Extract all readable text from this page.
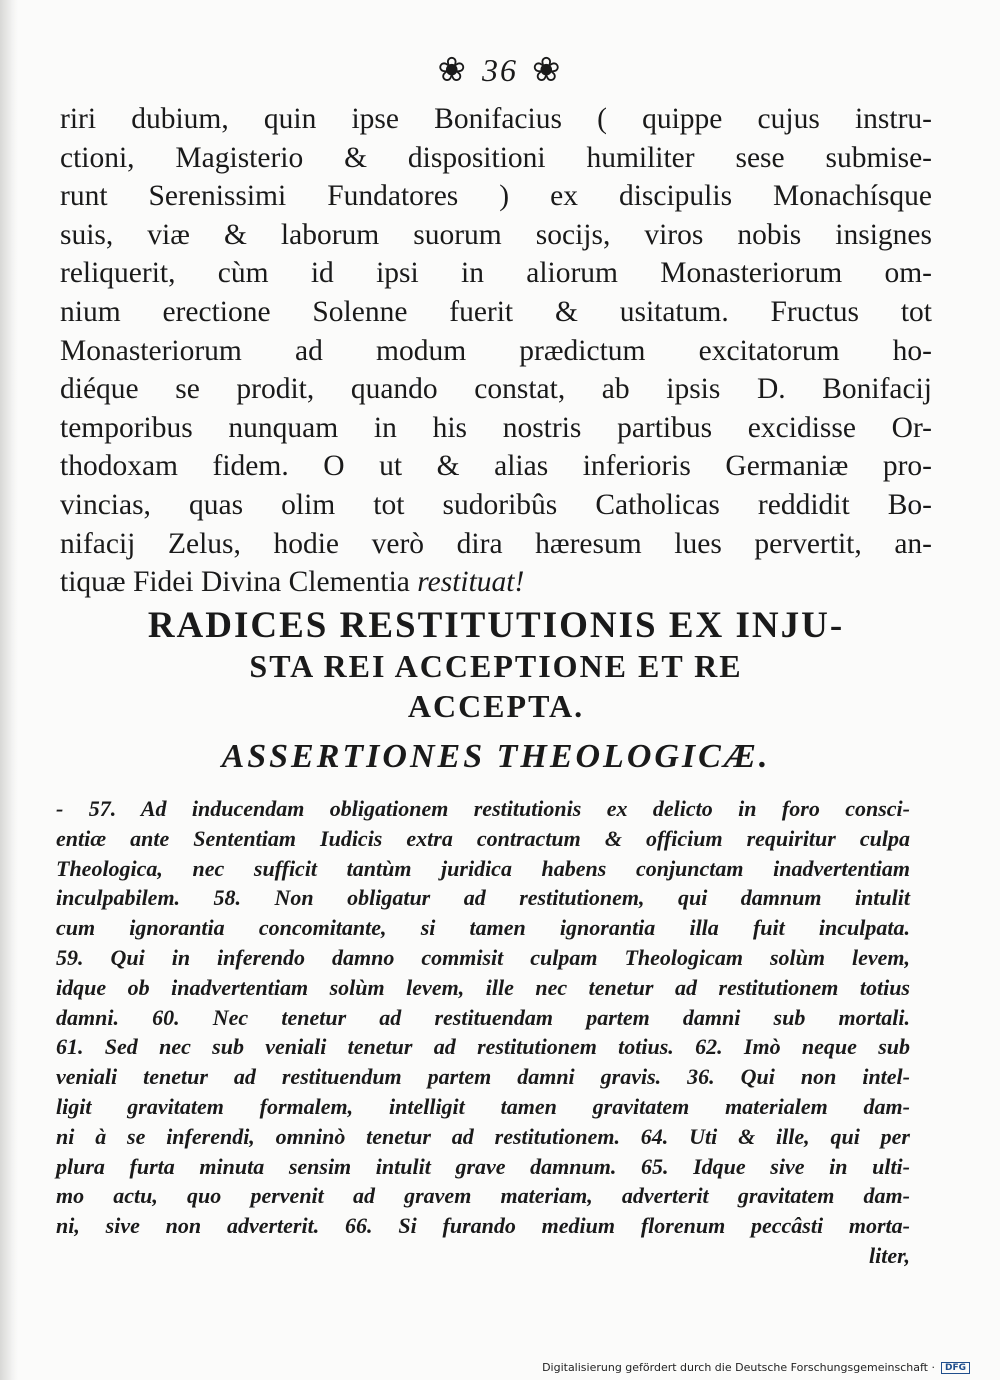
❀ 36 ❀

riri dubium, quin ipse Bonifacius ( quippe cujus instru-

ctioni, Magisterio & dispositioni humiliter sese submise-

runt Serenissimi Fundatores ) ex discipulis Monachísque

suis, viæ & laborum suorum socijs, viros nobis insignes

reliquerit, cùm id ipsi in aliorum Monasteriorum om-

nium erectione Solenne fuerit & usitatum. Fructus tot

Monasteriorum ad modum prædictum excitatorum ho-

diéque se prodit, quando constat, ab ipsis D. Bonifacij

temporibus nunquam in his nostris partibus excidisse Or-

thodoxam fidem. O ut & alias inferioris Germaniæ pro-

vincias, quas olim tot sudoribûs Catholicas reddidit Bo-

nifacij Zelus, hodie verò dira hæresum lues pervertit, an-

tiquæ Fidei Divina Clementia restituat!

RADICES RESTITUTIONIS EX INJU-
STA REI ACCEPTIONE ET RE
ACCEPTA.
ASSERTIONES THEOLOGICÆ.

- 57. Ad inducendam obligationem restitutionis ex delicto in foro consci-

entiæ ante Sententiam Iudicis extra contractum & officium requiritur culpa

Theologica, nec sufficit tantùm juridica habens conjunctam inadvertentiam

inculpabilem. 58. Non obligatur ad restitutionem, qui damnum intulit

cum ignorantia concomitante, si tamen ignorantia illa fuit inculpata.

59. Qui in inferendo damno commisit culpam Theologicam solùm levem,

idque ob inadvertentiam solùm levem, ille nec tenetur ad restitutionem totius

damni. 60. Nec tenetur ad restituendam partem damni sub mortali.

61. Sed nec sub veniali tenetur ad restitutionem totius. 62. Imò neque sub

veniali tenetur ad restituendum partem damni gravis. 36. Qui non intel-

ligit gravitatem formalem, intelligit tamen gravitatem materialem dam-

ni à se inferendi, omninò tenetur ad restitutionem. 64. Uti & ille, qui per

plura furta minuta sensim intulit grave damnum. 65. Idque sive in ulti-

mo actu, quo pervenit ad gravem materiam, adverterit gravitatem dam-

ni, sive non adverterit. 66. Si furando medium florenum peccâsti morta-

liter,

Digitalisierung gefördert durch die Deutsche Forschungsgemeinschaft ·	DFG
